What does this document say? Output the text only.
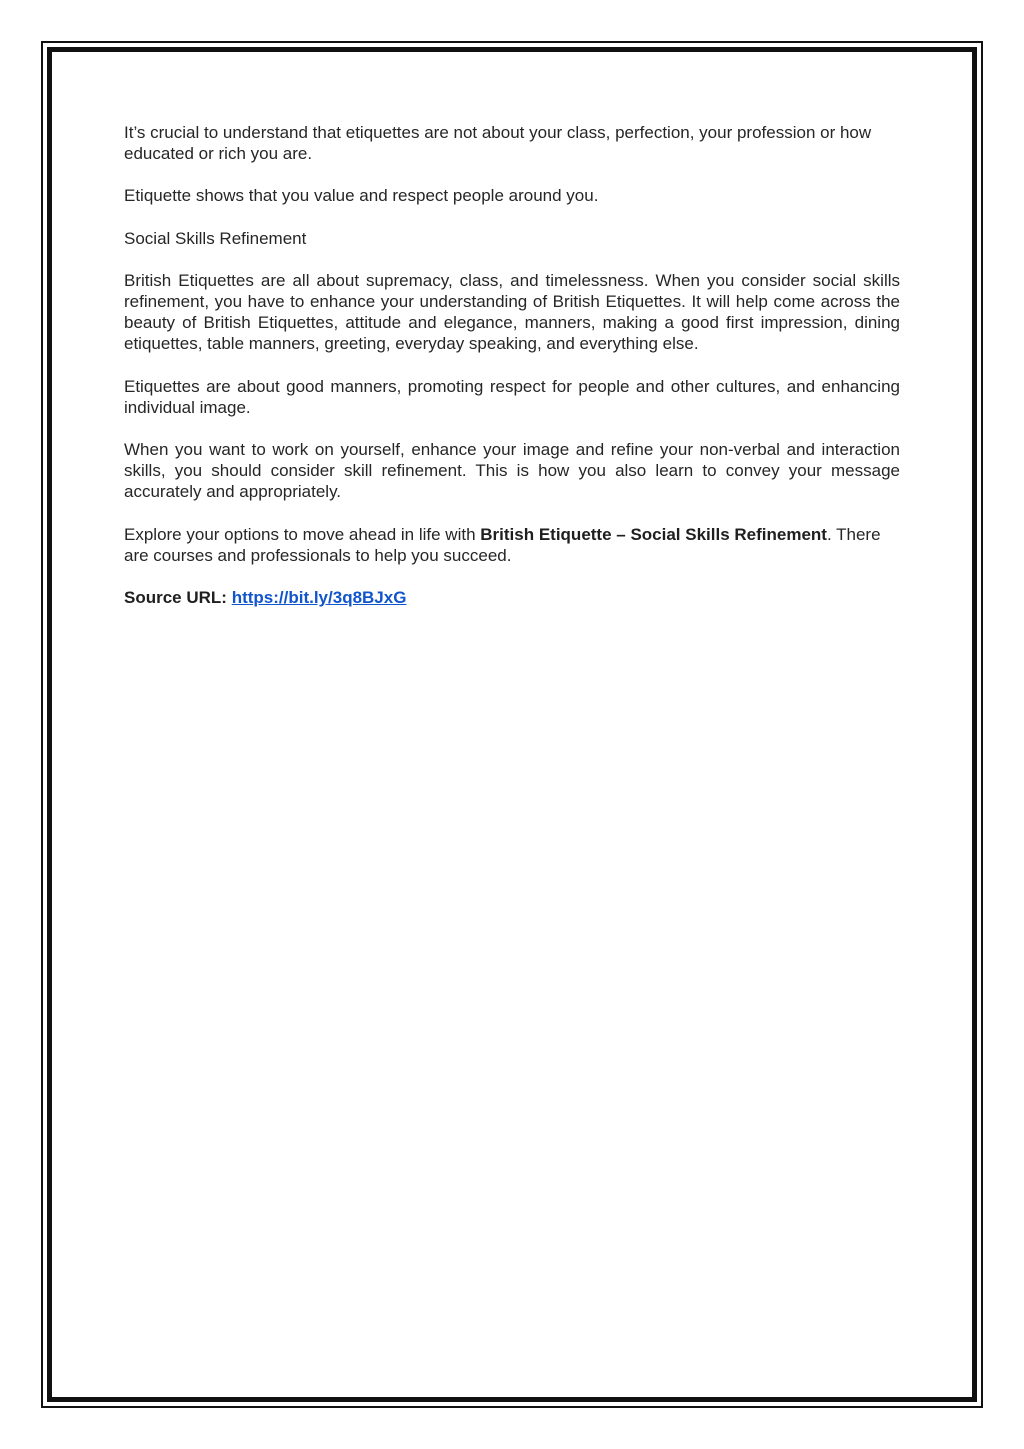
It’s crucial to understand that etiquettes are not about your class, perfection, your profession or how educated or rich you are.

Etiquette shows that you value and respect people around you.

Social Skills Refinement

British Etiquettes are all about supremacy, class, and timelessness. When you consider social skills refinement, you have to enhance your understanding of British Etiquettes. It will help come across the beauty of British Etiquettes, attitude and elegance, manners, making a good first impression, dining etiquettes, table manners, greeting, everyday speaking, and everything else.

Etiquettes are about good manners, promoting respect for people and other cultures, and enhancing individual image.

When you want to work on yourself, enhance your image and refine your non-verbal and interaction skills, you should consider skill refinement. This is how you also learn to convey your message accurately and appropriately.

Explore your options to move ahead in life with British Etiquette – Social Skills Refinement. There are courses and professionals to help you succeed.

Source URL: https://bit.ly/3q8BJxG
